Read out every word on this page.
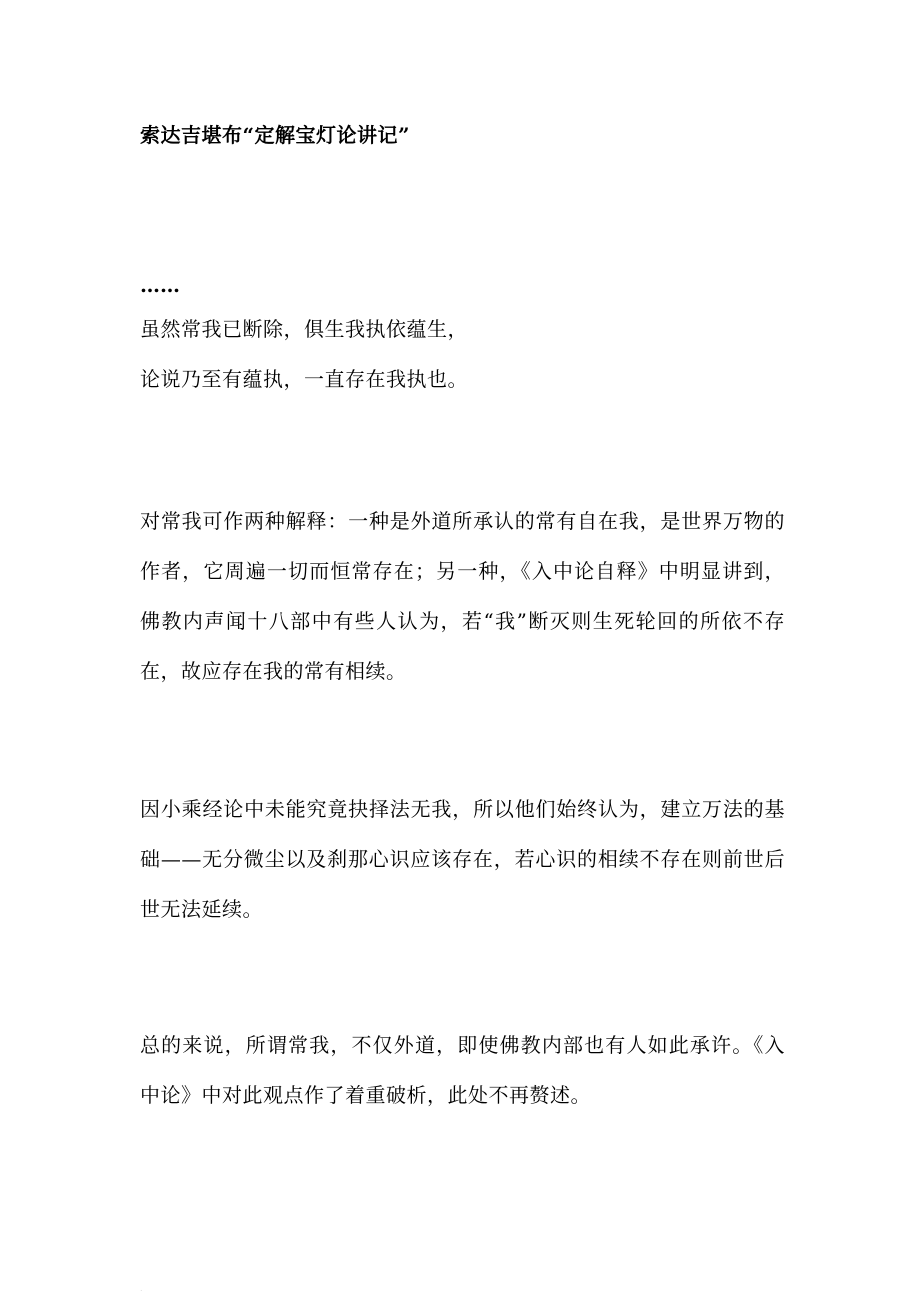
索达吉堪布“定解宝灯论讲记”
……
虽然常我已断除，俱生我执依蕴生，
论说乃至有蕴执，一直存在我执也。

对常我可作两种解释：一种是外道所承认的常有自在我，是世界万物的作者，它周遍一切而恒常存在；另一种，《入中论自释》中明显讲到，佛教内声闻十八部中有些人认为，若“我”断灭则生死轮回的所依不存在，故应存在我的常有相续。

因小乘经论中未能究竟抉择法无我，所以他们始终认为，建立万法的基础——无分微尘以及刹那心识应该存在，若心识的相续不存在则前世后世无法延续。

总的来说，所谓常我，不仅外道，即使佛教内部也有人如此承许。《入中论》中对此观点作了着重破析，此处不再赘述。

.
